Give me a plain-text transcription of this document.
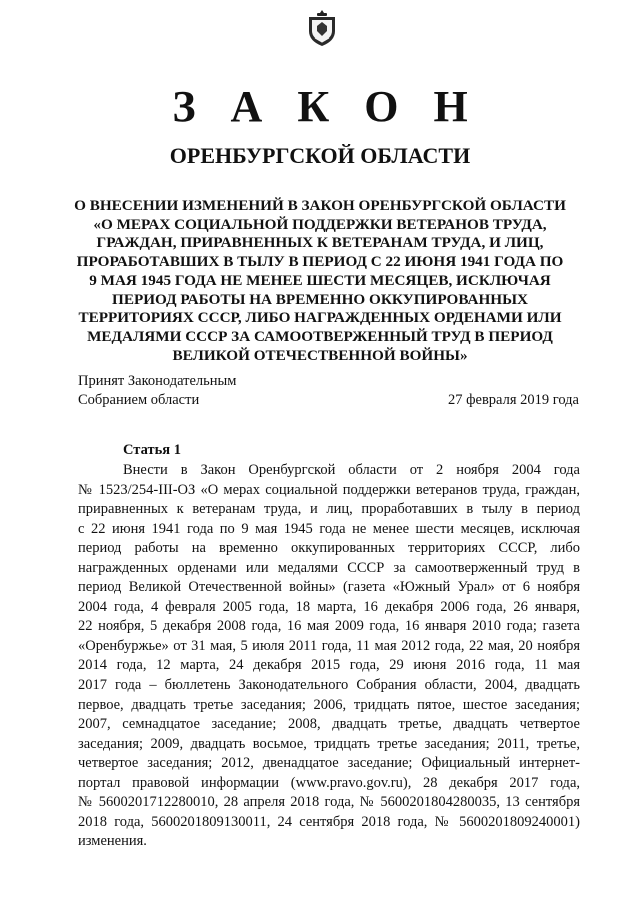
З А К О Н
ОРЕНБУРГСКОЙ ОБЛАСТИ
О ВНЕСЕНИИ ИЗМЕНЕНИЙ В ЗАКОН ОРЕНБУРГСКОЙ ОБЛАСТИ
«О МЕРАХ СОЦИАЛЬНОЙ ПОДДЕРЖКИ ВЕТЕРАНОВ ТРУДА,
ГРАЖДАН, ПРИРАВНЕННЫХ К ВЕТЕРАНАМ ТРУДА, И ЛИЦ,
ПРОРАБОТАВШИХ В ТЫЛУ В ПЕРИОД С 22 ИЮНЯ 1941 ГОДА ПО
9 МАЯ 1945 ГОДА НЕ МЕНЕЕ ШЕСТИ МЕСЯЦЕВ, ИСКЛЮЧАЯ
ПЕРИОД РАБОТЫ НА ВРЕМЕННО ОККУПИРОВАННЫХ
ТЕРРИТОРИЯХ СССР, ЛИБО НАГРАЖДЕННЫХ ОРДЕНАМИ ИЛИ
МЕДАЛЯМИ СССР ЗА САМООТВЕРЖЕННЫЙ ТРУД В ПЕРИОД
ВЕЛИКОЙ ОТЕЧЕСТВЕННОЙ ВОЙНЫ»
Принят Законодательным
Собранием области	27 февраля 2019 года
Статья 1
Внести в Закон Оренбургской области от 2 ноября 2004 года
№ 1523/254-III-ОЗ «О мерах социальной поддержки ветеранов труда, граждан,
приравненных к ветеранам труда, и лиц, проработавших в тылу в период
с 22 июня 1941 года по 9 мая 1945 года не менее шести месяцев, исключая
период работы на временно оккупированных территориях СССР, либо
награжденных орденами или медалями СССР за самоотверженный труд в
период Великой Отечественной войны» (газета «Южный Урал» от 6 ноября
2004 года, 4 февраля 2005 года, 18 марта, 16 декабря 2006 года, 26 января,
22 ноября, 5 декабря 2008 года, 16 мая 2009 года, 16 января 2010 года; газета
«Оренбуржье» от 31 мая, 5 июля 2011 года, 11 мая 2012 года, 22 мая, 20 ноября
2014 года, 12 марта, 24 декабря 2015 года, 29 июня 2016 года, 11 мая
2017 года – бюллетень Законодательного Собрания области, 2004, двадцать
первое, двадцать третье заседания; 2006, тридцать пятое, шестое заседания;
2007, семнадцатое заседание; 2008, двадцать третье, двадцать четвертое
заседания; 2009, двадцать восьмое, тридцать третье заседания; 2011, третье,
четвертое заседания; 2012, двенадцатое заседание; Официальный интернет-
портал правовой информации (www.pravo.gov.ru), 28 декабря 2017 года,
№ 5600201712280010, 28 апреля 2018 года, № 5600201804280035, 13 сентября
2018 года, 5600201809130011, 24 сентября 2018 года, № 5600201809240001)
изменения.
